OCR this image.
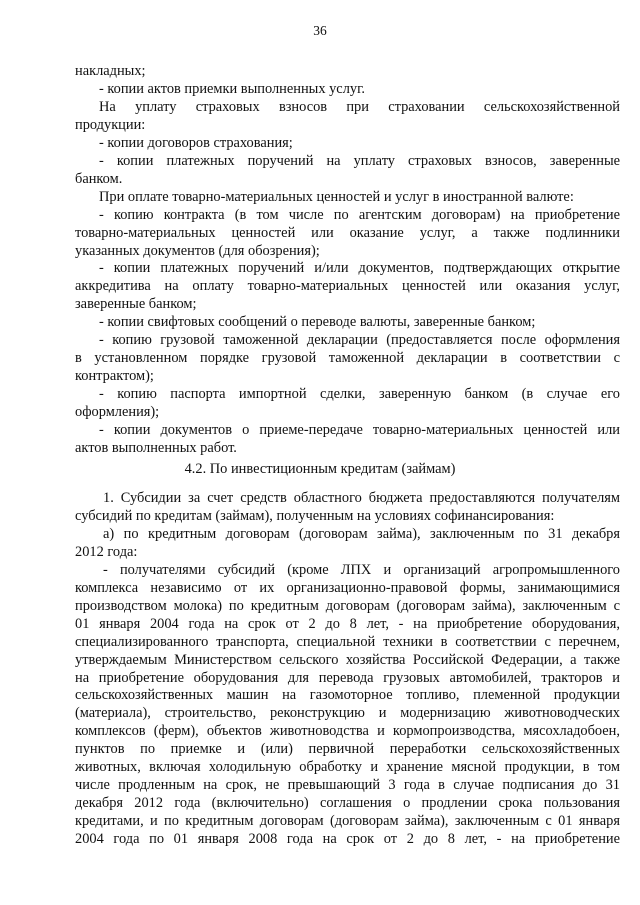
36

накладных;

- копии актов приемки выполненных услуг.

На уплату страховых взносов при страховании сельскохозяйственной

продукции:

- копии договоров страхования;

- копии платежных поручений на уплату страховых взносов, заверенные

банком.

При оплате товарно-материальных ценностей и услуг в иностранной валюте:

- копию контракта (в том числе по агентским договорам) на приобретение

товарно-материальных ценностей или оказание услуг, а также подлинники

указанных документов (для обозрения);

- копии платежных поручений и/или документов, подтверждающих открытие

аккредитива на оплату товарно-материальных ценностей или оказания услуг,

заверенные банком;

- копии свифтовых сообщений о переводе валюты, заверенные банком;

- копию грузовой таможенной декларации (предоставляется после оформления

в установленном порядке грузовой таможенной декларации в соответствии с

контрактом);

- копию паспорта импортной сделки, заверенную банком (в случае его

оформления);

- копии документов о приеме-передаче товарно-материальных ценностей или

актов выполненных работ.

4.2. По инвестиционным кредитам (займам)

1. Субсидии за счет средств областного бюджета предоставляются получателям

субсидий по кредитам (займам), полученным на условиях софинансирования:

а) по кредитным договорам (договорам займа), заключенным по 31 декабря

2012 года:

- получателями субсидий (кроме ЛПХ и организаций агропромышленного

комплекса независимо от их организационно-правовой формы, занимающимися

производством молока) по кредитным договорам (договорам займа), заключенным с

01 января 2004 года на срок от 2 до 8 лет, - на приобретение оборудования,

специализированного транспорта, специальной техники в соответствии с перечнем,

утверждаемым Министерством сельского хозяйства Российской Федерации, а также

на приобретение оборудования для перевода грузовых автомобилей, тракторов и

сельскохозяйственных машин на газомоторное топливо, племенной продукции

(материала), строительство, реконструкцию и модернизацию животноводческих

комплексов (ферм), объектов животноводства и кормопроизводства, мясохладобоен,

пунктов по приемке и (или) первичной переработки сельскохозяйственных

животных, включая холодильную обработку и хранение мясной продукции, в том

числе продленным на срок, не превышающий 3 года в случае подписания до 31

декабря 2012 года (включительно) соглашения о продлении срока пользования

кредитами, и по кредитным договорам (договорам займа), заключенным с 01 января

2004 года по 01 января 2008 года на срок от 2 до 8 лет, - на приобретение
